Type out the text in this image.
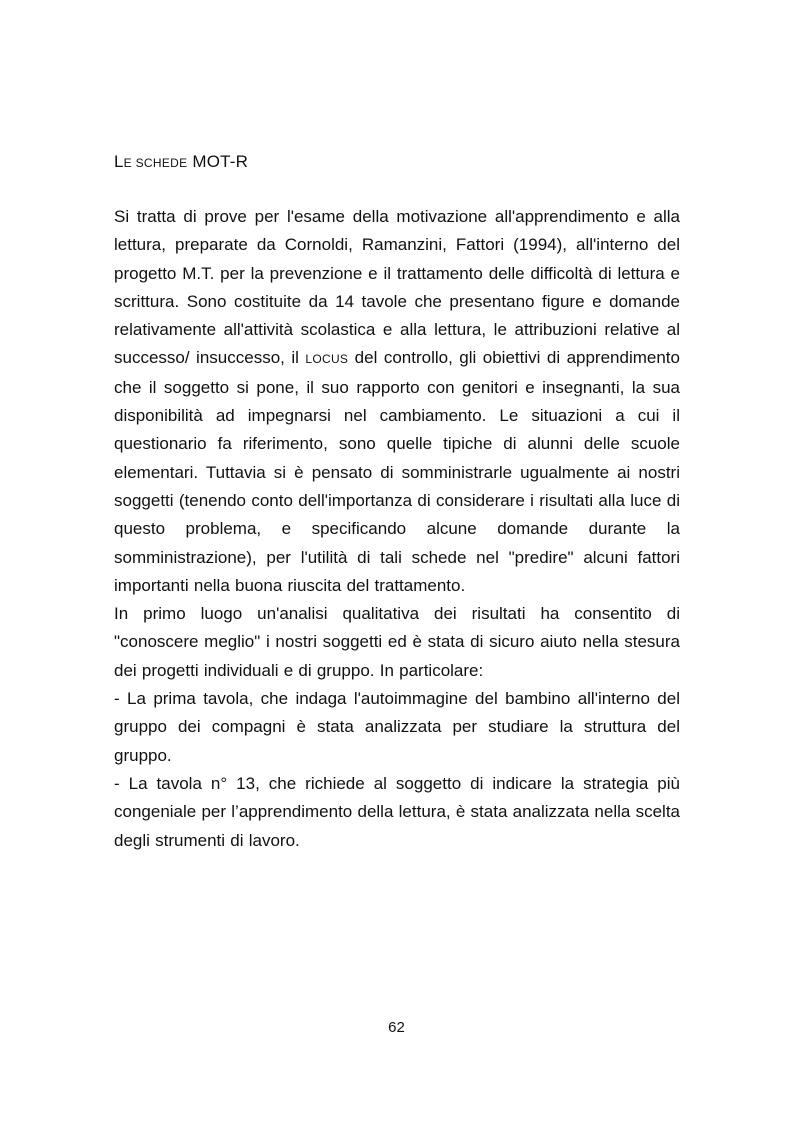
LE SCHEDE MOT-R

Si tratta di prove per l'esame della motivazione all'apprendimento e alla lettura, preparate da Cornoldi, Ramanzini, Fattori (1994), all'interno del progetto M.T. per la prevenzione e il trattamento delle difficoltà di lettura e scrittura. Sono costituite da 14 tavole che presentano figure e domande relativamente all'attività scolastica e alla lettura, le attribuzioni relative al successo/ insuccesso, il LOCUS del controllo, gli obiettivi di apprendimento che il soggetto si pone, il suo rapporto con genitori e insegnanti, la sua disponibilità ad impegnarsi nel cambiamento. Le situazioni a cui il questionario fa riferimento, sono quelle tipiche di alunni delle scuole elementari. Tuttavia si è pensato di somministrarle ugualmente ai nostri soggetti (tenendo conto dell'importanza di considerare i risultati alla luce di questo problema, e specificando alcune domande durante la somministrazione), per l'utilità di tali schede nel "predire" alcuni fattori importanti nella buona riuscita del trattamento.

In primo luogo un'analisi qualitativa dei risultati ha consentito di "conoscere meglio" i nostri soggetti ed è stata di sicuro aiuto nella stesura dei progetti individuali e di gruppo. In particolare:

- La prima tavola, che indaga l'autoimmagine del bambino all'interno del gruppo dei compagni è stata analizzata per studiare la struttura del gruppo.

- La tavola n° 13, che richiede al soggetto di indicare la strategia più congeniale per l’apprendimento della lettura, è stata analizzata nella scelta degli strumenti di lavoro.

62
